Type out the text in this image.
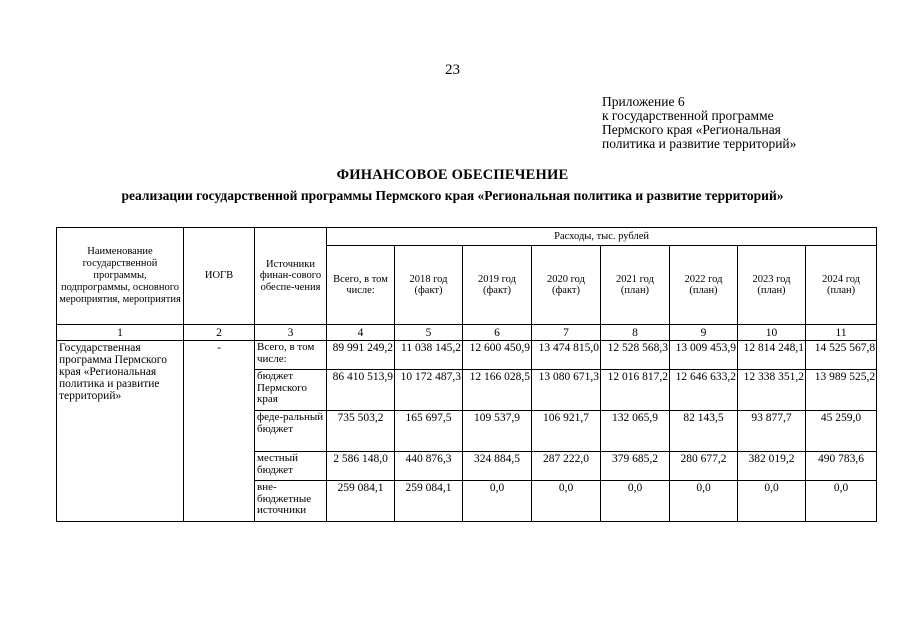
23
Приложение 6
к государственной программе
Пермского края «Региональная
политика и развитие территорий»
ФИНАНСОВОЕ ОБЕСПЕЧЕНИЕ
реализации государственной программы Пермского края «Региональная политика и развитие территорий»
Наименование государственной программы, подпрограммы, основного мероприятия, мероприятия	ИОГВ	Источники финан-сового обеспе-чения	Расходы, тыс. рублей							
			Всего, в том числе:	2018 год (факт)	2019 год (факт)	2020 год (факт)	2021 год (план)	2022 год (план)	2023 год (план)	2024 год (план)
1	2	3	4	5	6	7	8	9	10	11
Государственная программа Пермского края «Региональная политика и развитие территорий»	-	Всего, в том числе:	89 991 249,2	11 038 145,2	12 600 450,9	13 474 815,0	12 528 568,3	13 009 453,9	12 814 248,1	14 525 567,8
		бюджет Пермского края	86 410 513,9	10 172 487,3	12 166 028,5	13 080 671,3	12 016 817,2	12 646 633,2	12 338 351,2	13 989 525,2
		феде-ральный бюджет	735 503,2	165 697,5	109 537,9	106 921,7	132 065,9	82 143,5	93 877,7	45 259,0
		местный бюджет	2 586 148,0	440 876,3	324 884,5	287 222,0	379 685,2	280 677,2	382 019,2	490 783,6
		вне-бюджетные источники	259 084,1	259 084,1	0,0	0,0	0,0	0,0	0,0	0,0
